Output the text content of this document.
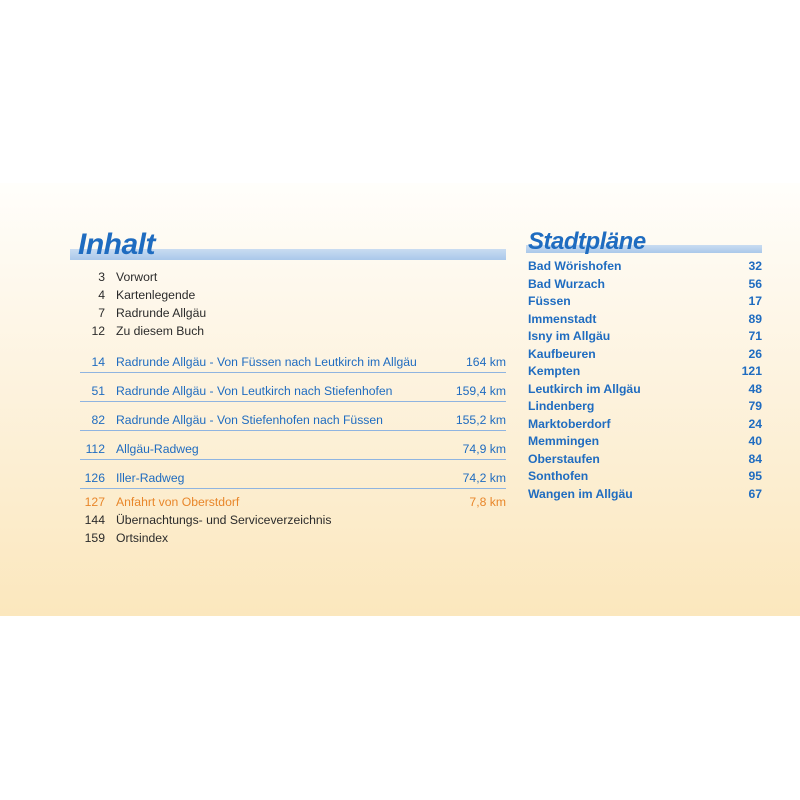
Inhalt
3 Vorwort
4 Kartenlegende
7 Radrunde Allgäu
12 Zu diesem Buch
14 Radrunde Allgäu - Von Füssen nach Leutkirch im Allgäu	164 km
51 Radrunde Allgäu - Von Leutkirch nach Stiefenhofen	159,4 km
82 Radrunde Allgäu - Von Stiefenhofen nach Füssen	155,2 km
112 Allgäu-Radweg	74,9 km
126 Iller-Radweg	74,2 km
127 Anfahrt von Oberstdorf	7,8 km
144 Übernachtungs- und Serviceverzeichnis
159 Ortsindex
Stadtpläne
Bad Wörishofen	32
Bad Wurzach	56
Füssen	17
Immenstadt	89
Isny im Allgäu	71
Kaufbeuren	26
Kempten	121
Leutkirch im Allgäu	48
Lindenberg	79
Marktoberdorf	24
Memmingen	40
Oberstaufen	84
Sonthofen	95
Wangen im Allgäu	67
